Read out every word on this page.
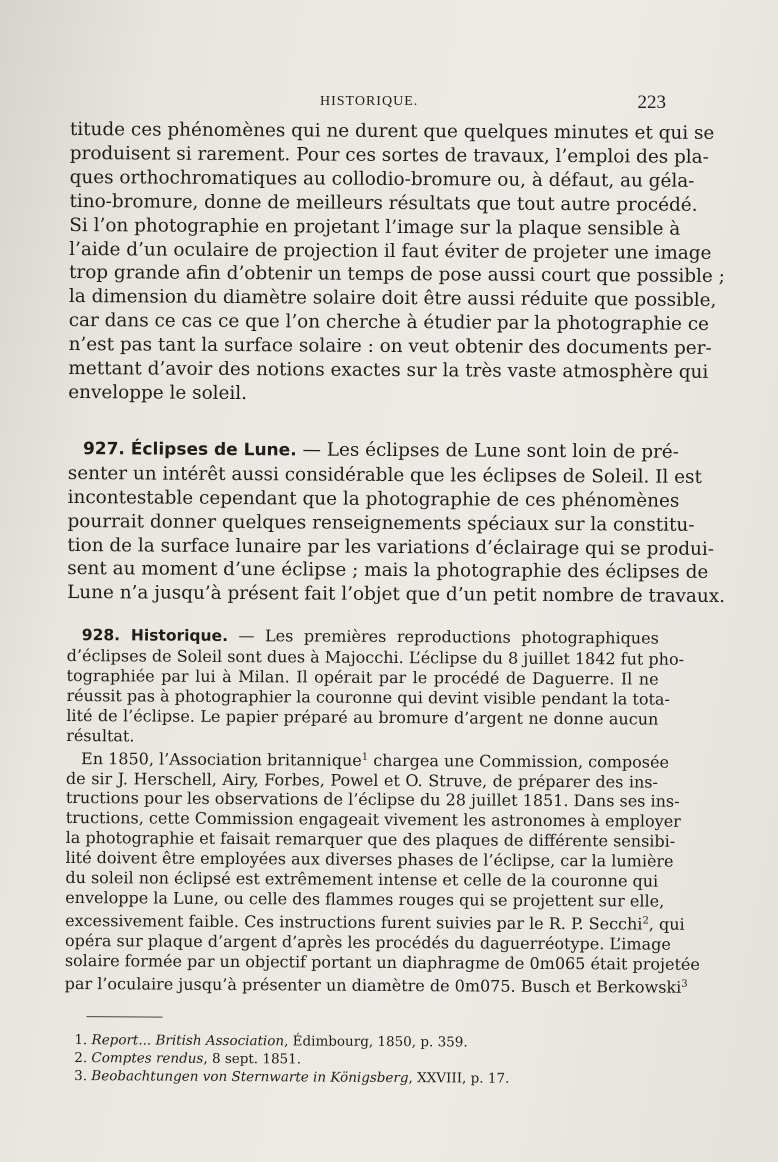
HISTORIQUE.	223

titude ces phénomènes qui ne durent que quelques minutes et qui se
produisent si rarement. Pour ces sortes de travaux, l’emploi des pla-
ques orthochromatiques au collodio-bromure ou, à défaut, au géla-
tino-bromure, donne de meilleurs résultats que tout autre procédé.
Si l’on photographie en projetant l’image sur la plaque sensible à
l’aide d’un oculaire de projection il faut éviter de projeter une image
trop grande afin d’obtenir un temps de pose aussi court que possible ;
la dimension du diamètre solaire doit être aussi réduite que possible,
car dans ce cas ce que l’on cherche à étudier par la photographie ce
n’est pas tant la surface solaire : on veut obtenir des documents per-
mettant d’avoir des notions exactes sur la très vaste atmosphère qui
enveloppe le soleil.

927. Éclipses de Lune. — Les éclipses de Lune sont loin de pré-
senter un intérêt aussi considérable que les éclipses de Soleil. Il est
incontestable cependant que la photographie de ces phénomènes
pourrait donner quelques renseignements spéciaux sur la constitu-
tion de la surface lunaire par les variations d’éclairage qui se produi-
sent au moment d’une éclipse ; mais la photographie des éclipses de
Lune n’a jusqu’à présent fait l’objet que d’un petit nombre de travaux.

928. Historique. — Les premières reproductions photographiques
d’éclipses de Soleil sont dues à Majocchi. L’éclipse du 8 juillet 1842 fut pho-
tographiée par lui à Milan. Il opérait par le procédé de Daguerre. Il ne
réussit pas à photographier la couronne qui devint visible pendant la tota-
lité de l’éclipse. Le papier préparé au bromure d’argent ne donne aucun
résultat.

En 1850, l’Association britannique$^1$ chargea une Commission, composée
de sir J. Herschell, Airy, Forbes, Powel et O. Struve, de préparer des ins-
tructions pour les observations de l’éclipse du 28 juillet 1851. Dans ses ins-
tructions, cette Commission engageait vivement les astronomes à employer
la photographie et faisait remarquer que des plaques de différente sensibi-
lité doivent être employées aux diverses phases de l’éclipse, car la lumière
du soleil non éclipsé est extrêmement intense et celle de la couronne qui
enveloppe la Lune, ou celle des flammes rouges qui se projettent sur elle,
excessivement faible. Ces instructions furent suivies par le R. P. Secchi$^2$, qui
opéra sur plaque d’argent d’après les procédés du daguerréotype. L’image
solaire formée par un objectif portant un diaphragme de 0m065 était projetée
par l’oculaire jusqu’à présenter un diamètre de 0m075. Busch et Berkowski$^3$

1. Report... British Association, Édimbourg, 1850, p. 359.
2. Comptes rendus, 8 sept. 1851.
3. Beobachtungen von Sternwarte in Königsberg, XXVIII, p. 17.
